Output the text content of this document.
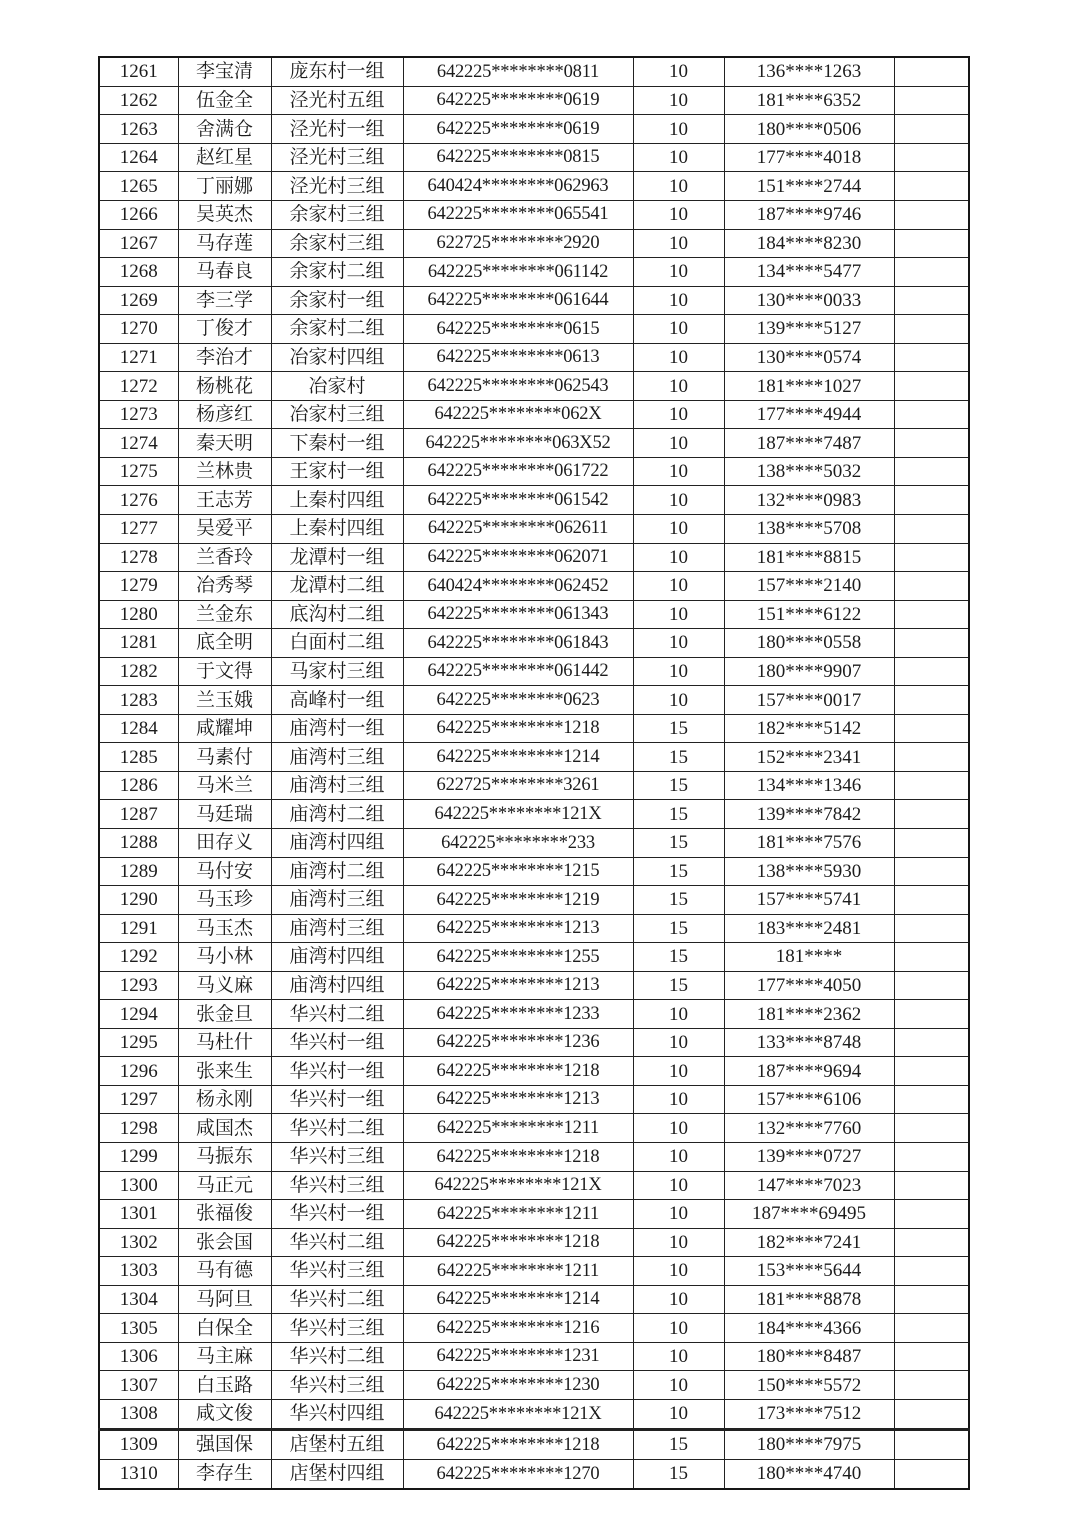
1261	李宝清	庞东村一组	642225********0811	10	136****1263	
1262	伍金全	泾光村五组	642225********0619	10	181****6352	
1263	舍满仓	泾光村一组	642225********0619	10	180****0506	
1264	赵红星	泾光村三组	642225********0815	10	177****4018	
1265	丁丽娜	泾光村三组	640424********062963	10	151****2744	
1266	吴英杰	余家村三组	642225********065541	10	187****9746	
1267	马存莲	余家村三组	622725********2920	10	184****8230	
1268	马春良	余家村二组	642225********061142	10	134****5477	
1269	李三学	余家村一组	642225********061644	10	130****0033	
1270	丁俊才	余家村二组	642225********0615	10	139****5127	
1271	李治才	冶家村四组	642225********0613	10	130****0574	
1272	杨桃花	冶家村	642225********062543	10	181****1027	
1273	杨彦红	冶家村三组	642225********062X	10	177****4944	
1274	秦天明	下秦村一组	642225********063X52	10	187****7487	
1275	兰林贵	王家村一组	642225********061722	10	138****5032	
1276	王志芳	上秦村四组	642225********061542	10	132****0983	
1277	吴爱平	上秦村四组	642225********062611	10	138****5708	
1278	兰香玲	龙潭村一组	642225********062071	10	181****8815	
1279	冶秀琴	龙潭村二组	640424********062452	10	157****2140	
1280	兰金东	底沟村二组	642225********061343	10	151****6122	
1281	底全明	白面村二组	642225********061843	10	180****0558	
1282	于文得	马家村三组	642225********061442	10	180****9907	
1283	兰玉娥	高峰村一组	642225********0623	10	157****0017	
1284	咸耀坤	庙湾村一组	642225********1218	15	182****5142	
1285	马素付	庙湾村三组	642225********1214	15	152****2341	
1286	马米兰	庙湾村三组	622725********3261	15	134****1346	
1287	马廷瑞	庙湾村二组	642225********121X	15	139****7842	
1288	田存义	庙湾村四组	642225********233	15	181****7576	
1289	马付安	庙湾村二组	642225********1215	15	138****5930	
1290	马玉珍	庙湾村三组	642225********1219	15	157****5741	
1291	马玉杰	庙湾村三组	642225********1213	15	183****2481	
1292	马小林	庙湾村四组	642225********1255	15	181****	
1293	马义麻	庙湾村四组	642225********1213	15	177****4050	
1294	张金旦	华兴村二组	642225********1233	10	181****2362	
1295	马杜什	华兴村一组	642225********1236	10	133****8748	
1296	张来生	华兴村一组	642225********1218	10	187****9694	
1297	杨永刚	华兴村一组	642225********1213	10	157****6106	
1298	咸国杰	华兴村二组	642225********1211	10	132****7760	
1299	马振东	华兴村三组	642225********1218	10	139****0727	
1300	马正元	华兴村三组	642225********121X	10	147****7023	
1301	张福俊	华兴村一组	642225********1211	10	187****69495	
1302	张会国	华兴村二组	642225********1218	10	182****7241	
1303	马有德	华兴村三组	642225********1211	10	153****5644	
1304	马阿旦	华兴村二组	642225********1214	10	181****8878	
1305	白保全	华兴村三组	642225********1216	10	184****4366	
1306	马主麻	华兴村二组	642225********1231	10	180****8487	
1307	白玉路	华兴村三组	642225********1230	10	150****5572	
1308	咸文俊	华兴村四组	642225********121X	10	173****7512	
1309	强国保	店堡村五组	642225********1218	15	180****7975	
1310	李存生	店堡村四组	642225********1270	15	180****4740	
